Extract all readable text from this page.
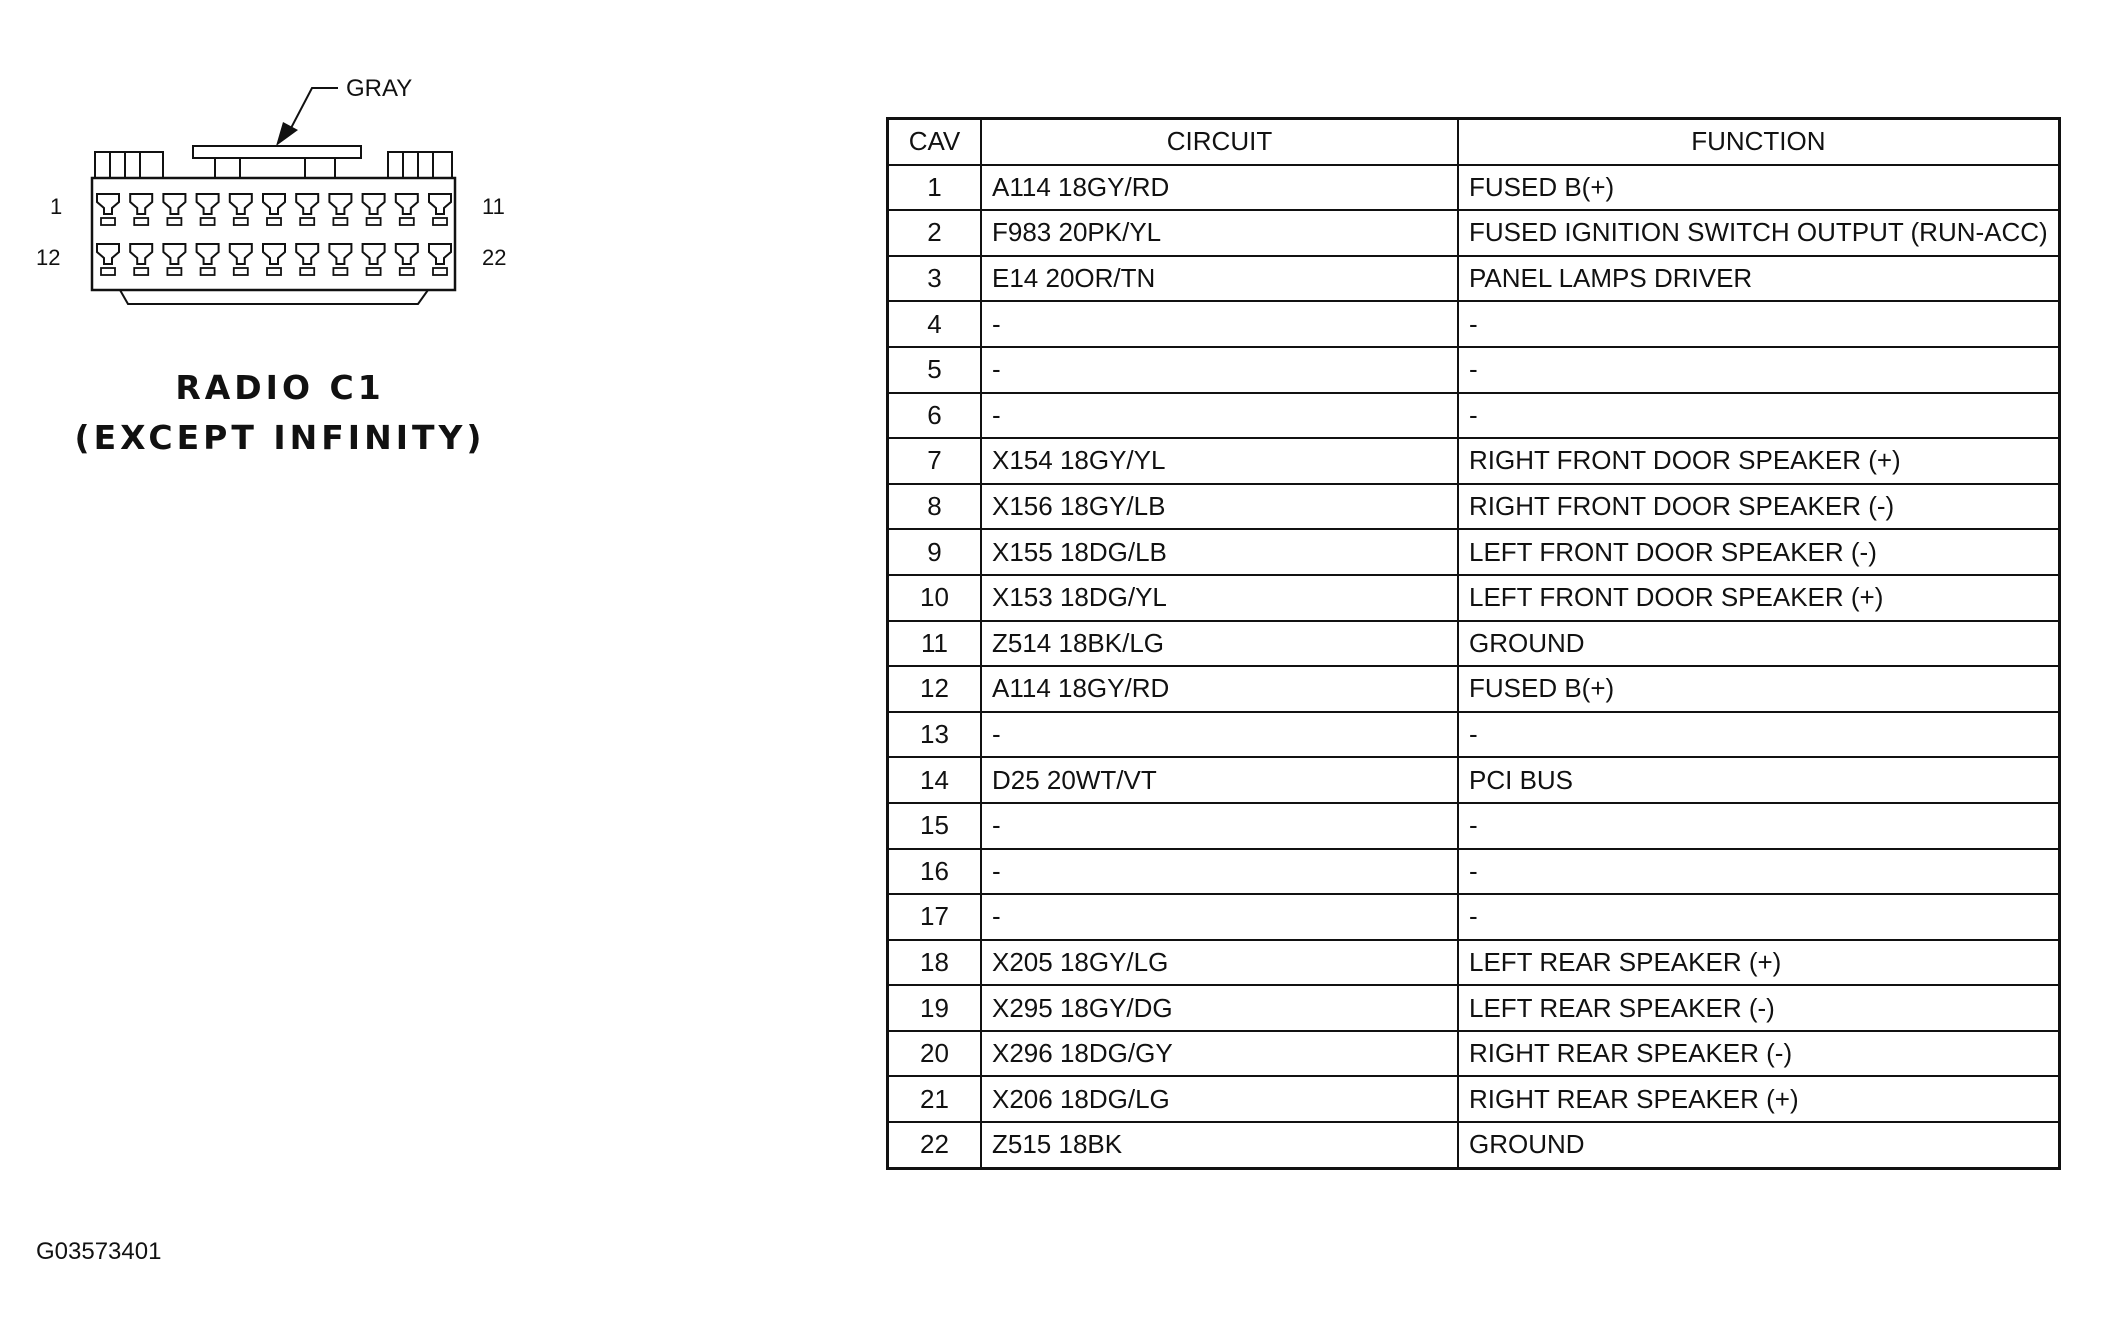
GRAY
1	11
12	22
RADIO C1
(EXCEPT INFINITY)
CAV	CIRCUIT	FUNCTION
1	A114 18GY/RD	FUSED B(+)
2	F983 20PK/YL	FUSED IGNITION SWITCH OUTPUT (RUN-ACC)
3	E14 20OR/TN	PANEL LAMPS DRIVER
4	-	-
5	-	-
6	-	-
7	X154 18GY/YL	RIGHT FRONT DOOR SPEAKER (+)
8	X156 18GY/LB	RIGHT FRONT DOOR SPEAKER (-)
9	X155 18DG/LB	LEFT FRONT DOOR SPEAKER (-)
10	X153 18DG/YL	LEFT FRONT DOOR SPEAKER (+)
11	Z514 18BK/LG	GROUND
12	A114 18GY/RD	FUSED B(+)
13	-	-
14	D25 20WT/VT	PCI BUS
15	-	-
16	-	-
17	-	-
18	X205 18GY/LG	LEFT REAR SPEAKER (+)
19	X295 18GY/DG	LEFT REAR SPEAKER (-)
20	X296 18DG/GY	RIGHT REAR SPEAKER (-)
21	X206 18DG/LG	RIGHT REAR SPEAKER (+)
22	Z515 18BK	GROUND
G03573401
